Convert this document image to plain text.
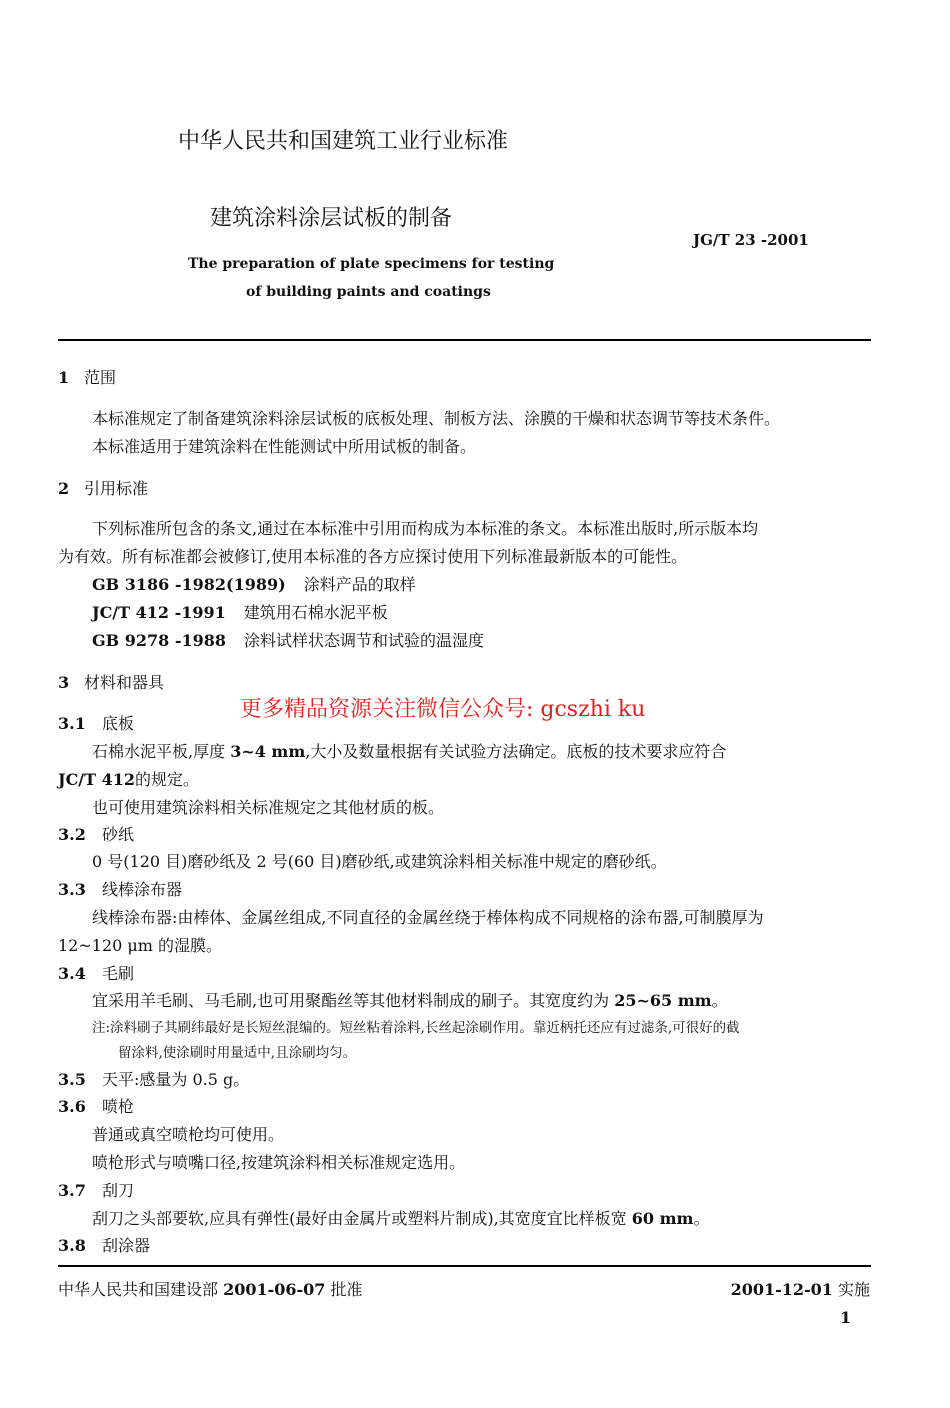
中华人民共和国建筑工业行业标准
建筑涂料涂层试板的制备
JG/T 23 -2001
The preparation of plate specimens for testing
of building paints and coatings
1 范围
本标准规定了制备建筑涂料涂层试板的底板处理、制板方法、涂膜的干燥和状态调节等技术条件。
本标准适用于建筑涂料在性能测试中所用试板的制备。
2 引用标准
下列标准所包含的条文,通过在本标准中引用而构成为本标准的条文。本标准出版时,所示版本均
为有效。所有标准都会被修订,使用本标准的各方应探讨使用下列标准最新版本的可能性。
GB 3186 -1982(1989) 涂料产品的取样
JC/T 412 -1991 建筑用石棉水泥平板
GB 9278 -1988 涂料试样状态调节和试验的温湿度
3 材料和器具
更多精品资源关注微信公众号: gcszhi ku
3.1 底板
石棉水泥平板,厚度 3~4 mm,大小及数量根据有关试验方法确定。底板的技术要求应符合
JC/T 412的规定。
也可使用建筑涂料相关标准规定之其他材质的板。
3.2 砂纸
0 号(120 目)磨砂纸及 2 号(60 目)磨砂纸,或建筑涂料相关标准中规定的磨砂纸。
3.3 线棒涂布器
线棒涂布器:由棒体、金属丝组成,不同直径的金属丝绕于棒体构成不同规格的涂布器,可制膜厚为
12~120 μm 的湿膜。
3.4 毛刷
宜采用羊毛刷、马毛刷,也可用聚酯丝等其他材料制成的刷子。其宽度约为 25~65 mm。
注:涂料刷子其刷纬最好是长短丝混编的。短丝粘着涂料,长丝起涂刷作用。靠近柄托还应有过滤条,可很好的截
留涂料,使涂刷时用量适中,且涂刷均匀。
3.5 天平:感量为 0.5 g。
3.6 喷枪
普通或真空喷枪均可使用。
喷枪形式与喷嘴口径,按建筑涂料相关标准规定选用。
3.7 刮刀
刮刀之头部要软,应具有弹性(最好由金属片或塑料片制成),其宽度宜比样板宽 60 mm。
3.8 刮涂器
中华人民共和国建设部 2001-06-07 批准	2001-12-01 实施
1
